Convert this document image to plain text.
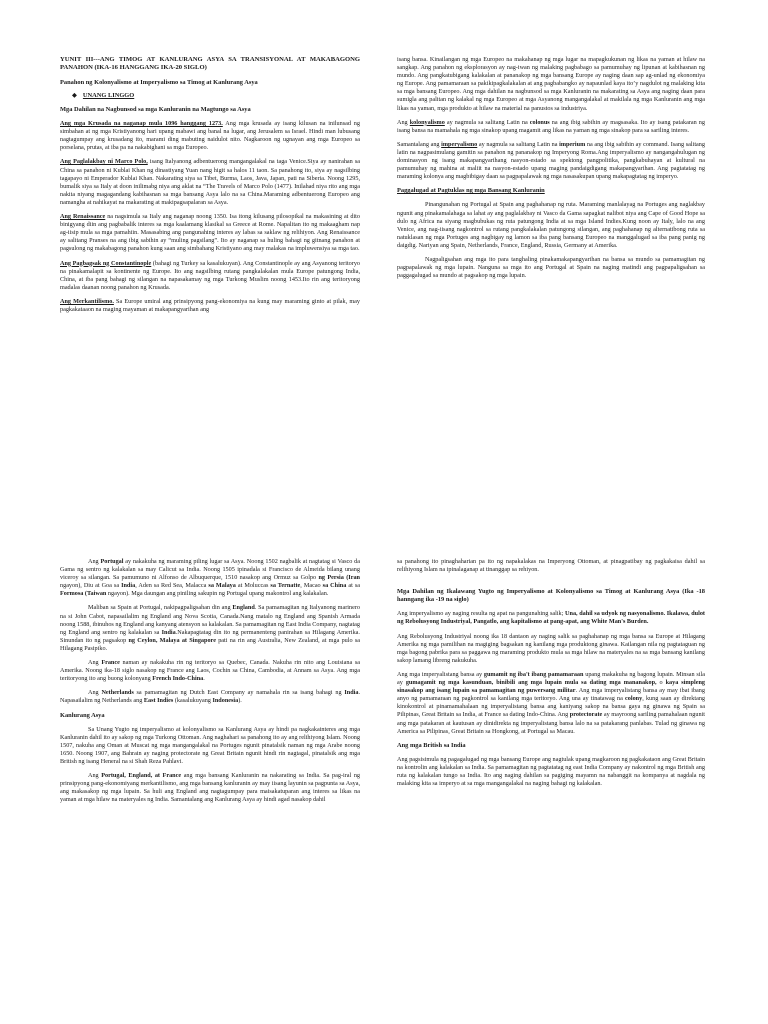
YUNIT III---ANG TIMOG AT KANLURANG ASYA SA TRANSISYONAL AT MAKABAGONG PANAHON (IKA-16 HANGGANG IKA-20 SIGLO)

Panahon ng Kolonyalismo at Imperyalismo sa Timog at Kanlurang Asya

◆ UNANG LINGGO

Mga Dahilan na Nagbunsod sa mga Kanluranin na Magtungo sa Asya

Ang mga Krusada na naganap mula 1096 hanggang 1273. Ang mga krusada ay isang kilusan na inilunsad ng simbahan at ng mga Kristiyanong hari upang mabawi ang banal na lugar, ang Jerusalem sa Israel. Hindi man lubusang nagtagumpay ang krusadang ito, marami ding mabuting naidulot nito. Nagkaroon ng ugnayan ang mga Europeo sa porselana, prutas, at iba pa na nakabighani sa mga Europeo.

Ang Paglalakbay ni Marco Polo, isang Italyanong adbentuerong mangangalakal na taga Venice.Siya ay nanirahan sa China sa panahon ni Kublai Khan ng dinastiyang Yuan nang higit sa halos 11 taon. Sa panahong ito, siya ay nagsilbing tagapayo ni Emperador Kublai Khan. Nakarating siya sa Tibet, Burma, Laos, Java, Japan, pati na Siberia. Noong 1295, bumalik siya sa Italy at doon inilimabg niya ang aklat na “The Travels of Marco Polo (1477). Inilahad niya rito ang mga nakita niyang magagandang kabihasnan sa mga bansang Asya lalo na sa China.Maraming adbentuerong Europeo ang namangha at nahikayat na makarating at makipagsapalaran sa Asya.

Ang Renaissance na nagsimula sa Italy ang naganap noong 1350. Isa itong kilusang pilosopikal na makasining at dito binigyang diin ang pagbabalik interes sa mga kaalamang klasikal sa Greece at Rome. Napalitan ito ng makaagham nap ag-iisip mula sa mga pamahiin. Masasabing ang pangunahing interes ay labas sa saklaw ng relihiyon. Ang Renaissance ay salitang Pranses na ang ibig sabihin ay “muling pagsilang”. Ito ay naganap sa huling bahagi ng gitnang panahon at pagsulong ng makabagong panahon kung saan ang simbahang Kristiyano ang may malakas na impluwensiya sa mga tao.

Ang Pagbagsak ng Constantinople (bahagi ng Turkey sa kasalukuyan). Ang Constantinople ay ang Asyanong teritoryo na pinakamalapit sa kontinente ng Europe. Ito ang nagsilbing rutang pangkalakalan mula Europe patungong India, China, at iba pang bahagi ng silangan na napasakamay ng mga Turkong Muslim noong 1453.Ito rin ang teritoryong madalas daanan noong panahon ng Krusada.

Ang Merkantilismo. Sa Europe umiral ang prinsipyong pang-ekonomiya na kung may maraming ginto at pilak, may pagkakataaon na maging mayaman at makapangyarihan ang

isang bansa. Kinailangan ng mga Europeo na makahanap ng mga lugar na mapagkukunan ng likas na yaman at hilaw na sangkap. Ang panahon ng eksplorasyon ay nag-iwan ng malaking pagbabago sa pamumuhay ng lipunan at kabihasnan ng mundo. Ang pangkatubigang kalakalan at pananakop ng mga bansang Europe ay naging daan sap ag-unlad ng ekonomiya ng Europe. Ang pamamaraan sa pakikipagkalakalan at ang pagbabangko ay napaunlad kaya ito’y nagdulot ng malaking kita sa mga bansang Europeo. Ang mga dahilan na nagbunsod sa mga Kanluranin na makarating sa Asya ang naging daan para sumigla ang palitan ng kalakal ng mga Europeo at mga Asyanong mangangalakal at makilala ng mga Kanluranin ang mga likas na yaman, mga produkto at hilaw na material na panustos sa industriya.

Ang kolonyalismo ay nagmula sa salitang Latin na colonus na ang ibig sabihin ay magsasaka. Ito ay isang patakaran ng isang bansa na mamahala ng mga sinakop upang magamit ang likas na yaman ng mga sinakop para sa sariling interes.

Samantalang ang imperyalismo ay nagmula sa salitang Latin na imperium na ang ibig sabihin ay command. Isang salitang latin na nagpasimulang gamitin sa panahon ng pananakop ng Imperyong Roma.Ang imperyalismo ay nangangahulugan ng dominasyon ng isang makapangyarihang nasyon-estado sa spektong pangpolitika, pangkabuhayan at kultural na pamumuhay ng mahina at maliit na nasyon-estado upang maging pandaigdigang makapangyarihan. Ang pagtatatag ng maraming kolonya ang magbibigay daan sa pagpapalawak ng mga nasasakupan upang makapagtatag ng imperyo.

Paggalugad at Pagtuklas ng mga Bansang Kanluranin

Pinangunahan ng Portugal at Spain ang paghahanap ng ruta. Maraming manlalayag na Portuges ang naglakbay ngunit ang pinakamalahaga sa lahat ay ang paglalakbay ni Vasco da Gama sapagkat nalibot niya ang Cape of Good Hope sa dulo ng Africa na siyang magbubukas ng ruta patungong India at sa mga Island Indies.Kung noon ay Italy, lalo na ang Venice, ang nag-iisang nagkontrol sa rutang pangkalakalan patungong silangan, ang paghahanap ng alternatibong ruta sa natuklasan ng mga Portuges ang nagbigay ng lamon sa iba pang bansang Europeo na manggalugad sa iba pang panig ng daigdig. Nariyan ang Spain, Netherlands, France, England, Russia, Germany at Amerika.

Nagpaligsahan ang mga ito para tanghaling pinakamakapangyarihan na bansa sa mundo sa pamamagitan ng pagpapalawak ng mga lupain. Nanguna sa mga ito ang Portugal at Spain na naging matindi ang pagpapaligsahan sa paggagalugad sa mundo at pagsakop ng mga lupain.

Ang Portugal ay nakakuha ng maraming piling lugar sa Asya. Noong 1502 nagbalik at nagtatag si Vasco da Gama ng sentro ng kalakalan sa may Calicut sa India. Noong 1505 ipinadala si Francisco de Almeida bilang unang viceroy sa silangan. Sa pamumuno ni Alfonso de Albuquerque, 1510 nasakop ang Ormuz sa Golpo ng Persia (Iran ngayon), Diu at Goa sa India, Aden sa Red Sea, Malacca sa Malaya at Moluccas sa Ternatte, Macao sa China at sa Formosa (Taiwan ngayon). Mga daungan ang piniling sakupin ng Portugal upang makontrol ang kalakalan.

Maliban sa Spain at Portugal, nakipagpaligsahan din ang England. Sa pamamagitan ng Italyanong marinero na si John Cabot, napasailalim ng England ang Nova Scotia, Canada.Nang matalo ng England ang Spanish Armada noong 1588, ibinuhos ng England ang kanyang atensyon sa kalakalan. Sa pamamagitan ng East India Company, nagtatag ng England ang sentro ng kalakalan sa India.Nakapagtatag din ito ng permanenteng panirahan sa Hilagang Amerika. Sinundan ito ng pagsakop ng Ceylon, Malaya at Singapore pati na rin ang Australia, New Zealand, at mga pulo sa Hilagang Pasipiko.

Ang France naman ay nakakuha rin ng teritoryo sa Quebec, Canada. Nakuha rin nito ang Louisiana sa Amerika. Noong ika-18 siglo nasakop ng France ang Laos, Cochin sa China, Cambodia, at Annam sa Asya. Ang mga teritoryong ito ang buong kolonyang French Indo-China.

Ang Netherlands sa pamamagitan ng Dutch East Company ay namahala rin sa isang bahagi ng India. Napasailalim ng Netherlands ang East Indies (kasalukuyang Indonesia).

Kanlurang Asya

Sa Unang Yugto ng imperyalismo at kolonyalismo sa Kanlurang Asya ay hindi pa nagkakainteres ang mga Kanluranin dahil ito ay sakop ng mga Turkong Ottoman. Ang naghahari sa panahong ito ay ang relihiyong Islam. Noong 1507, nakuha ang Oman at Muscat ng mga mangangalakal na Portuges ngunit pinatalsik naman ng mga Arabe noong 1650. Noong 1907, ang Bahrain ay naging protectorate ng Great Britain ngunit hindi rin nagtagal, pinatalsik ang mga British ng isang Heneral na si Shah Reza Pahlavi.

Ang Portugal, England, at France ang mga bansang Kanluranin na nakarating sa India. Sa pag-iral ng prinsipyong pang-ekonomiyang merkantilismo, ang mga bansang kanluranin ay may iisang layunin sa pagpunta sa Asya, ang makasakop ng mga lupain. Sa huli ang England ang nagtagumpay para maisakatuparan ang interes sa likas na yaman at mga hilaw na materyales ng India. Samantalang ang Kanlurang Asya ay hindi agad nasakop dahil

sa panahong ito pinaghaharian pa ito ng napakalakas na Imperyong Ottoman, at pinagpatibay ng pagkakaisa dahil sa relihiyong Islam na ipinalaganap at tinanggap sa rehiyon.

Mga Dahilan ng Ikalawang Yugto ng Imperyalismo at Kolonyalismo sa Timog at Kanlurang Asya (Ika -18 hanngang ika -19 na siglo)

Ang imperyalismo ay naging resulta ng apat na pangunahing salik; Una, dahil sa udyok ng nasyonalismo. Ikalawa, dulot ng Rebolusyong Industriyal, Pangatlo, ang kapitalismo at pang-apat, ang White Man's Burden.

Ang Rebolusyong Industriyal noong ika 18 dantaon ay naging salik sa paghahanap ng mga bansa sa Europe at Hilagang Amerika ng mga pamilihan na magiging bagsakan ng kanilang mga produktong ginawa. Kailangan nila ng pagtataguan ng mga bagong pabrika para sa paggawa ng maraming produkto mula sa mga hilaw na materyales na sa mga bansang kanilang sakop lamang libreng nakukuha.

Ang mga imperyalistang bansa ay gumamit ng iba't ibang pamamaraan upang makakuha ng bagong lupain. Minsan sila ay gumagamit ng mga kasunduan, binibili ang mga lupain mula sa dating mga mananakop, o kaya simpleng sinasakop ang isang lupain sa pamamagitan ng puwersang militar. Ang mga imperyalistang bansa ay may ibat ibang anyo ng pamamaraan ng pagkontrol sa kanilang mga teritoryo. Ang una ay tinatawag na colony, kung saan ay direktang kinokontrol at pinamamahalaan ng imperyalistang bansa ang kaniyang sakop na bansa gaya ng ginawa ng Spain sa Pilipinas, Great Britain sa India, at France sa dating Indo-China. Ang protectorate ay mayroong sariling pamahalaan ngunit ang mga patakaran at kautusan ay dinidirekta ng imperyalistang bansa lalo na sa patakarang panlabas. Tulad ng ginawa ng America sa Pilipinas, Great Britain sa Hongkong, at Portugal sa Macau.

Ang mga British sa India

Ang pagsisimula ng pagagalugad ng mga bansang Europe ang nagtulak upang magkaroon ng pagkakataon ang Great Britain na kontrolin ang kalakalan sa India. Sa pamamagitan ng pagtatatag ng east India Company ay nakontrol ng mga British ang ruta ng kalakalan tungo sa India. Ito ang naging dahilan sa pagiging mayamn na nabanggit na kompanya at nagdala ng malaking kita sa imperyo at sa mga mangangalakal na naging bahagi ng kalakalan.
